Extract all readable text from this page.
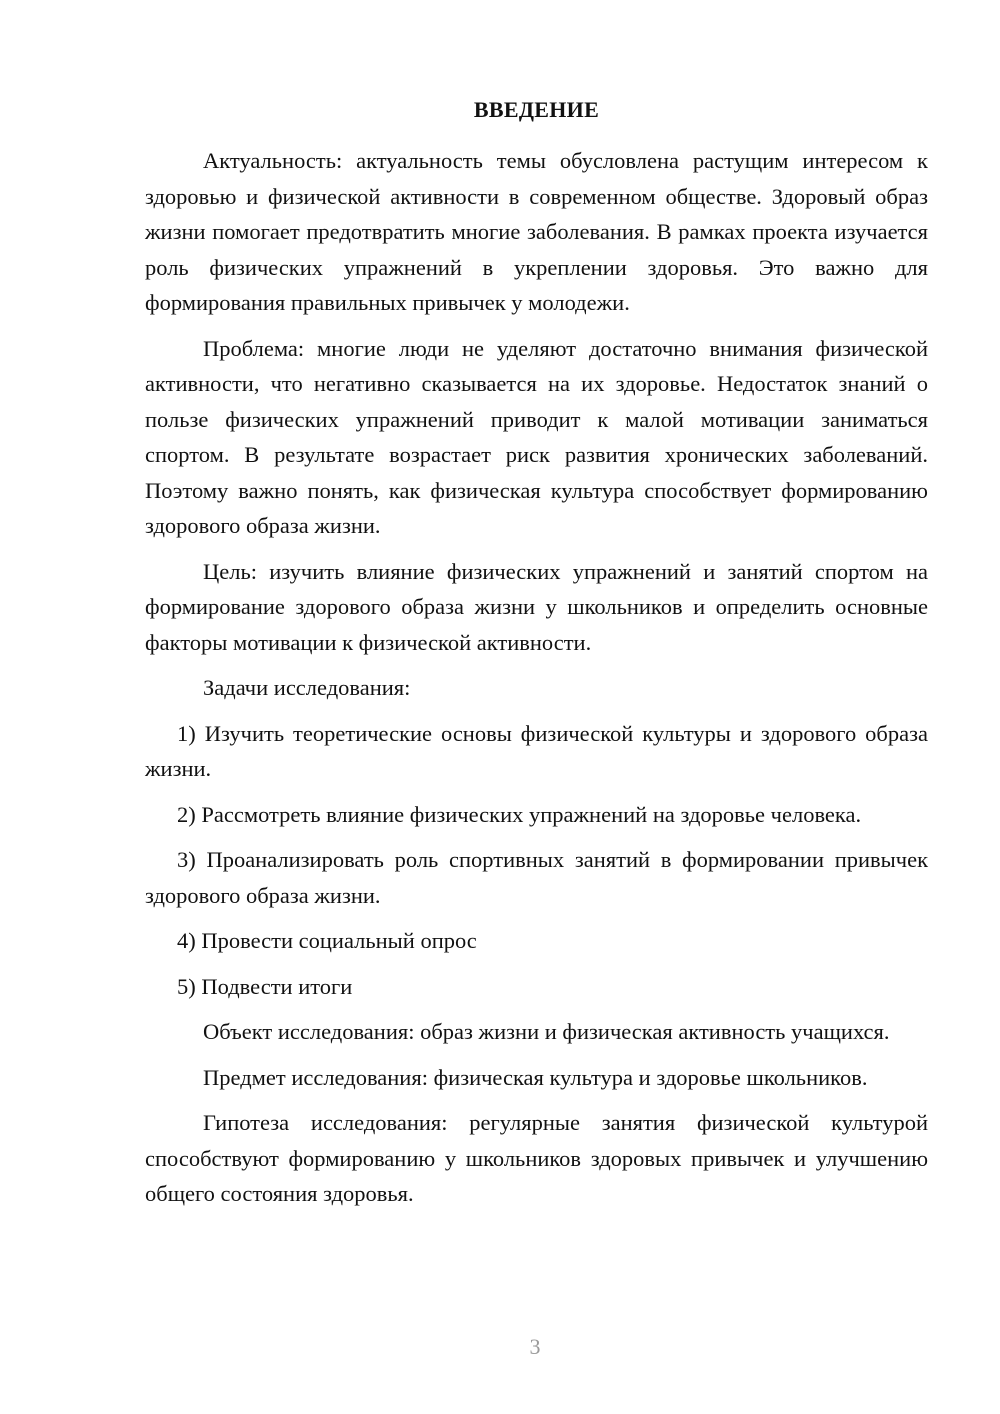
ВВЕДЕНИЕ

Актуальность: актуальность темы обусловлена растущим интересом к здоровью и физической активности в современном обществе. Здоровый образ жизни помогает предотвратить многие заболевания. В рамках проекта изучается роль физических упражнений в укреплении здоровья. Это важно для формирования правильных привычек у молодежи.

Проблема: многие люди не уделяют достаточно внимания физической активности, что негативно сказывается на их здоровье. Недостаток знаний о пользе физических упражнений приводит к малой мотивации заниматься спортом. В результате возрастает риск развития хронических заболеваний. Поэтому важно понять, как физическая культура способствует формированию здорового образа жизни.

Цель: изучить влияние физических упражнений и занятий спортом на формирование здорового образа жизни у школьников и определить основные факторы мотивации к физической активности.

Задачи исследования:

1) Изучить теоретические основы физической культуры и здорового образа жизни.

2) Рассмотреть влияние физических упражнений на здоровье человека.

3) Проанализировать роль спортивных занятий в формировании привычек здорового образа жизни.

4) Провести социальный опрос

5) Подвести итоги

Объект исследования: образ жизни и физическая активность учащихся.

Предмет исследования: физическая культура и здоровье школьников.

Гипотеза исследования: регулярные занятия физической культурой способствуют формированию у школьников здоровых привычек и улучшению общего состояния здоровья.

3
